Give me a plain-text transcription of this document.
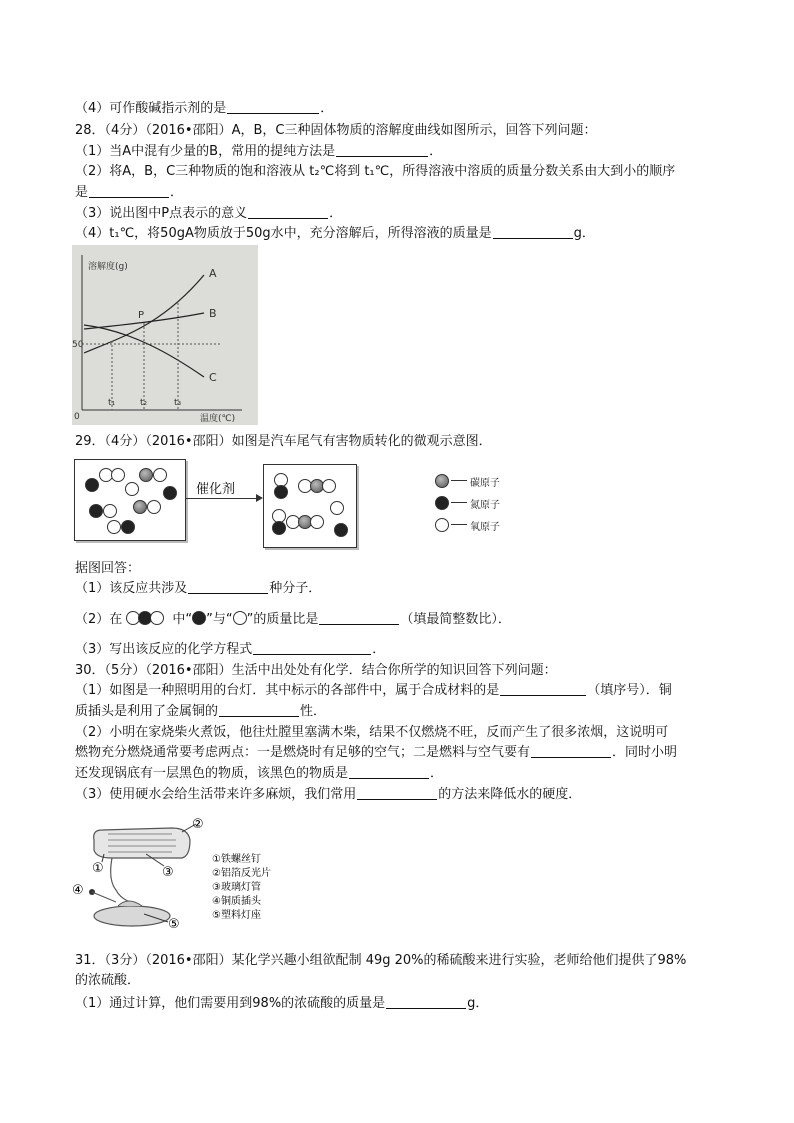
（4）可作酸碱指示剂的是	．
28．（4分）（2016•邵阳）A，B，C三种固体物质的溶解度曲线如图所示，回答下列问题：
（1）当A中混有少量的B，常用的提纯方法是	．
（2）将A，B，C三种物质的饱和溶液从 t₂℃将到 t₁℃，所得溶液中溶质的质量分数关系由大到小的顺序
是	．
（3）说出图中P点表示的意义	．
（4）t₁℃，将50gA物质放于50g水中，充分溶解后，所得溶液的质量是	g．
溶解度(g)
温度(℃)
0
50
t₁	t₂	t₃
A
B
C
P
29．（4分）（2016•邵阳）如图是汽车尾气有害物质转化的微观示意图．
催化剂	碳原子
氮原子
氧原子
据图回答：
（1）该反应共涉及	种分子．
（2）在	中“ ”与“ ”的质量比是	（填最简整数比）．
（3）写出该反应的化学方程式	．
30．（5分）（2016•邵阳）生活中出处处有化学．结合你所学的知识回答下列问题：
（1）如图是一种照明用的台灯．其中标示的各部件中，属于合成材料的是	（填序号）．铜
质插头是利用了金属铜的	性．
（2）小明在家烧柴火煮饭，他往灶膛里塞满木柴，结果不仅燃烧不旺，反而产生了很多浓烟，这说明可
燃物充分燃烧通常要考虑两点：一是燃烧时有足够的空气；二是燃料与空气要有	．同时小明
还发现锅底有一层黑色的物质，该黑色的物质是	．
（3）使用硬水会给生活带来许多麻烦，我们常用	的方法来降低水的硬度．
②
①	③
④
⑤
①铁螺丝钉
②铝箔反光片
③玻璃灯管
④铜质插头
⑤塑料灯座
31．（3分）（2016•邵阳）某化学兴趣小组欲配制 49g 20%的稀硫酸来进行实验，老师给他们提供了98%
的浓硫酸．
（1）通过计算，他们需要用到98%的浓硫酸的质量是	g．
